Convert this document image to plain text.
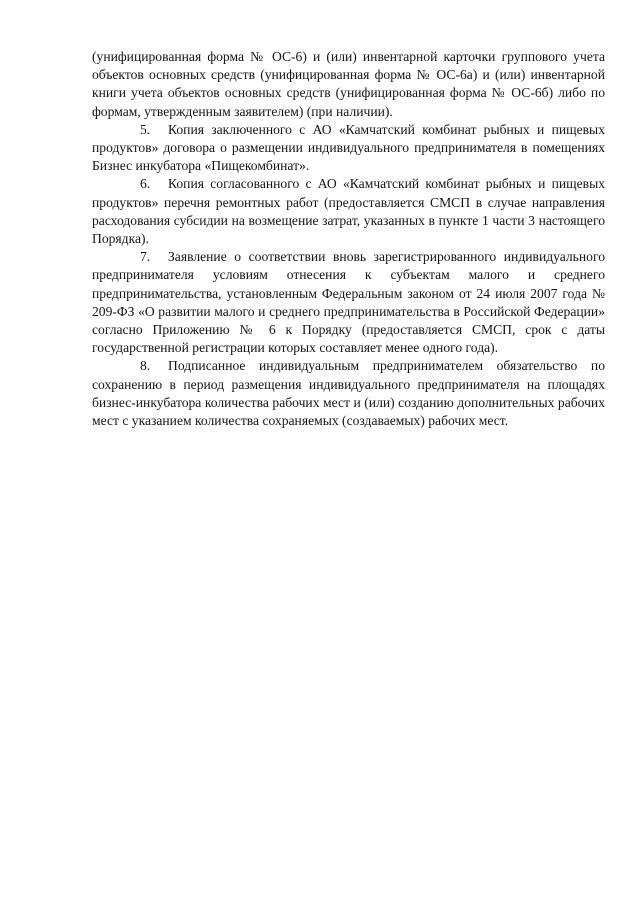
(унифицированная форма № ОС-6) и (или) инвентарной карточки группового учета объектов основных средств (унифицированная форма № ОС-6а) и (или) инвентарной книги учета объектов основных средств (унифицированная форма № ОС-6б) либо по формам, утвержденным заявителем) (при наличии).

5. Копия заключенного с АО «Камчатский комбинат рыбных и пищевых продуктов» договора о размещении индивидуального предпринимателя в помещениях Бизнес инкубатора «Пищекомбинат».

6. Копия согласованного с АО «Камчатский комбинат рыбных и пищевых продуктов» перечня ремонтных работ (предоставляется СМСП в случае направления расходования субсидии на возмещение затрат, указанных в пункте 1 части 3 настоящего Порядка).

7. Заявление о соответствии вновь зарегистрированного индивидуального предпринимателя условиям отнесения к субъектам малого и среднего предпринимательства, установленным Федеральным законом от 24 июля 2007 года № 209-ФЗ «О развитии малого и среднего предпринимательства в Российской Федерации» согласно Приложению № 6 к Порядку (предоставляется СМСП, срок с даты государственной регистрации которых составляет менее одного года).

8. Подписанное индивидуальным предпринимателем обязательство по сохранению в период размещения индивидуального предпринимателя на площадях бизнес-инкубатора количества рабочих мест и (или) созданию дополнительных рабочих мест с указанием количества сохраняемых (создаваемых) рабочих мест.
